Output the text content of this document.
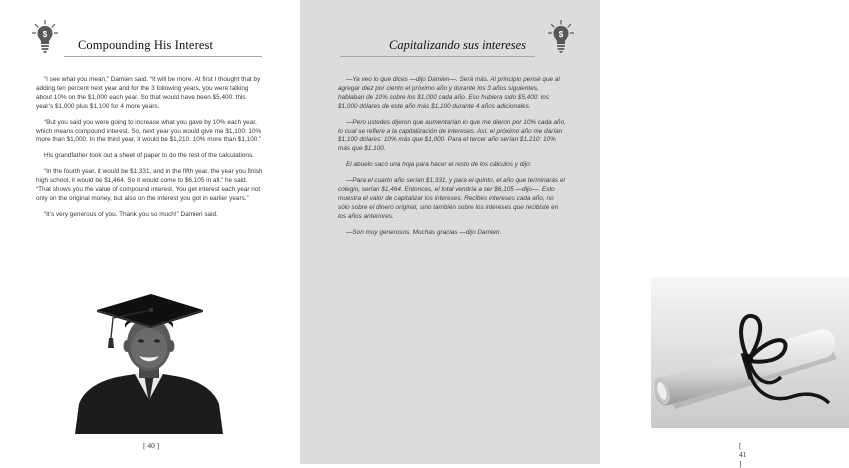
Compounding His Interest

“I see what you mean,” Damien said. “It will be more. At first I thought that by adding ten percent next year and for the 3 following years, you were talking about 10% on the $1,000 each year. So that would have been $5,400: this year’s $1,000 plus $1,100 for 4 more years.

“But you said you were going to increase what you gave by 10% each year, which means compound interest. So, next year you would give me $1,100: 10% more than $1,000. In the third year, it would be $1,210: 10% more than $1,100.”

His grandfather took out a sheet of paper to do the rest of the calculations.

“In the fourth year, it would be $1,331, and in the fifth year, the year you finish high school, it would be $1,464. So it would come to $6,105 in all,” he said. “That shows you the value of compound interest. You get interest each year not only on the original money, but also on the interest you got in earlier years.”

“It’s very generous of you. Thank you so much!” Damien said.

[ 40 ]
Capitalizando sus intereses

—Ya veo lo que dices —dijo Damien—. Será más. Al principio pensé que al agregar diez por ciento el próximo año y durante los 3 años siguientes, hablaban de 10% sobre los $1,000 cada año. Eso hubiera sido $5,400: los $1,000 dólares de este año más $1,100 durante 4 años adicionales.

—Pero ustedes dijeron que aumentarían lo que me dieron por 10% cada año, lo cual se refiere a la capitalización de intereses. Así, el próximo año me darían $1,100 dólares: 10% más que $1,000. Para el tercer año serían $1,210: 10% más que $1,100.

El abuelo sacó una hoja para hacer el resto de los cálculos y dijo:

—Para el cuarto año serían $1,331, y para el quinto, el año que terminarás el colegio, serían $1,464. Entonces, el total vendría a ser $6,105 —dijo—. Esto muestra el valor de capitalizar los intereses. Recibes intereses cada año, no sólo sobre el dinero original, sino también sobre los intereses que recibiste en los años anteriores.

—Son muy generosos. Muchas gracias —dijo Damien.

[ 41 ]
